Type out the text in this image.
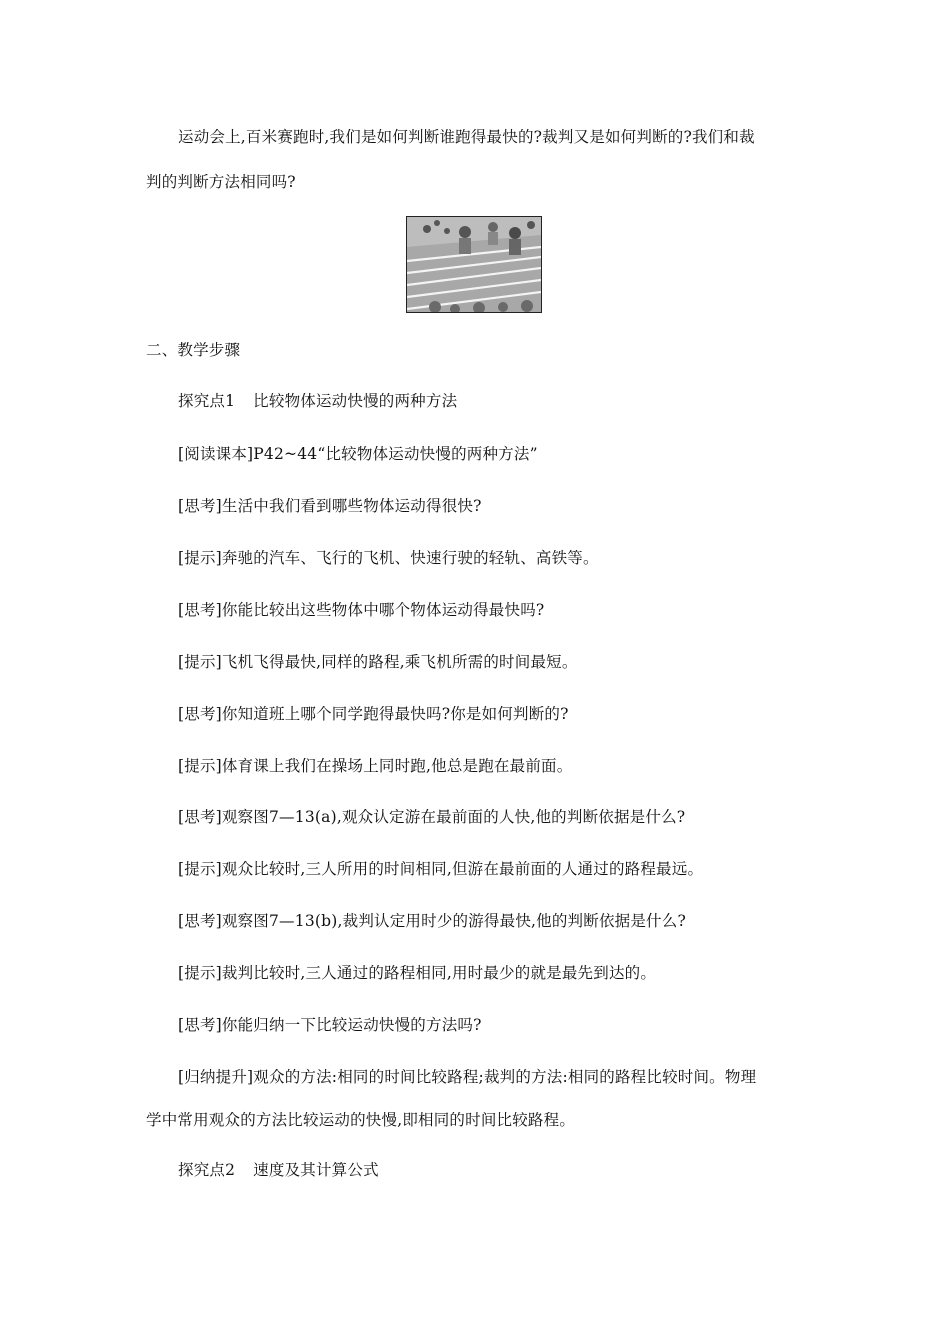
运动会上,百米赛跑时,我们是如何判断谁跑得最快的?裁判又是如何判断的?我们和裁
判的判断方法相同吗?
二、教学步骤
探究点1 比较物体运动快慢的两种方法
[阅读课本]P42~44“比较物体运动快慢的两种方法”
[思考]生活中我们看到哪些物体运动得很快?
[提示]奔驰的汽车、飞行的飞机、快速行驶的轻轨、高铁等。
[思考]你能比较出这些物体中哪个物体运动得最快吗?
[提示]飞机飞得最快,同样的路程,乘飞机所需的时间最短。
[思考]你知道班上哪个同学跑得最快吗?你是如何判断的?
[提示]体育课上我们在操场上同时跑,他总是跑在最前面。
[思考]观察图7—13(a),观众认定游在最前面的人快,他的判断依据是什么?
[提示]观众比较时,三人所用的时间相同,但游在最前面的人通过的路程最远。
[思考]观察图7—13(b),裁判认定用时少的游得最快,他的判断依据是什么?
[提示]裁判比较时,三人通过的路程相同,用时最少的就是最先到达的。
[思考]你能归纳一下比较运动快慢的方法吗?
[归纳提升]观众的方法:相同的时间比较路程;裁判的方法:相同的路程比较时间。物理
学中常用观众的方法比较运动的快慢,即相同的时间比较路程。
探究点2 速度及其计算公式
